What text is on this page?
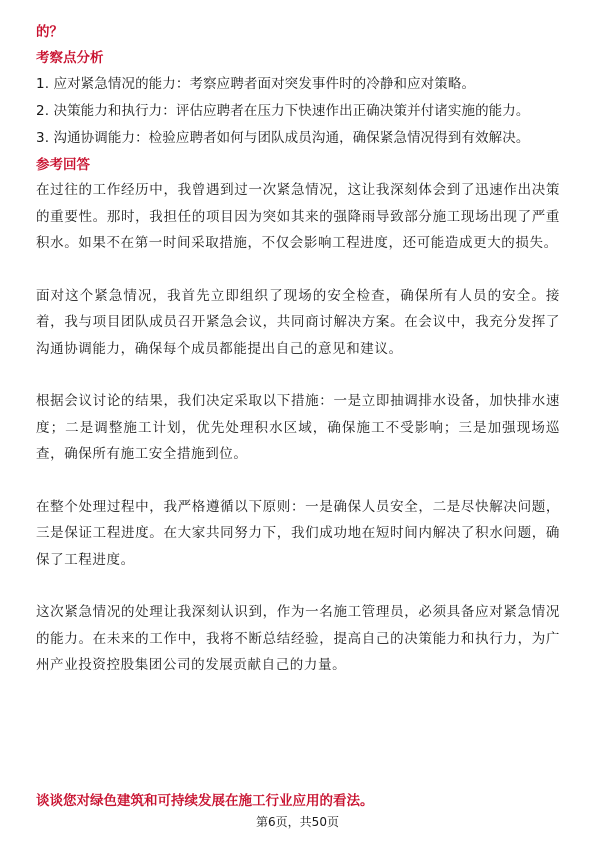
的？

考察点分析

1. 应对紧急情况的能力：考察应聘者面对突发事件时的冷静和应对策略。

2. 决策能力和执行力：评估应聘者在压力下快速作出正确决策并付诸实施的能力。

3. 沟通协调能力：检验应聘者如何与团队成员沟通，确保紧急情况得到有效解决。

参考回答

在过往的工作经历中，我曾遇到过一次紧急情况，这让我深刻体会到了迅速作出决策的重要性。那时，我担任的项目因为突如其来的强降雨导致部分施工现场出现了严重积水。如果不在第一时间采取措施，不仅会影响工程进度，还可能造成更大的损失。

面对这个紧急情况，我首先立即组织了现场的安全检查，确保所有人员的安全。接着，我与项目团队成员召开紧急会议，共同商讨解决方案。在会议中，我充分发挥了沟通协调能力，确保每个成员都能提出自己的意见和建议。

根据会议讨论的结果，我们决定采取以下措施：一是立即抽调排水设备，加快排水速度；二是调整施工计划，优先处理积水区域，确保施工不受影响；三是加强现场巡查，确保所有施工安全措施到位。

在整个处理过程中，我严格遵循以下原则：一是确保人员安全，二是尽快解决问题，三是保证工程进度。在大家共同努力下，我们成功地在短时间内解决了积水问题，确保了工程进度。

这次紧急情况的处理让我深刻认识到，作为一名施工管理员，必须具备应对紧急情况的能力。在未来的工作中，我将不断总结经验，提高自己的决策能力和执行力，为广州产业投资控股集团公司的发展贡献自己的力量。

谈谈您对绿色建筑和可持续发展在施工行业应用的看法。

第6页，共50页
